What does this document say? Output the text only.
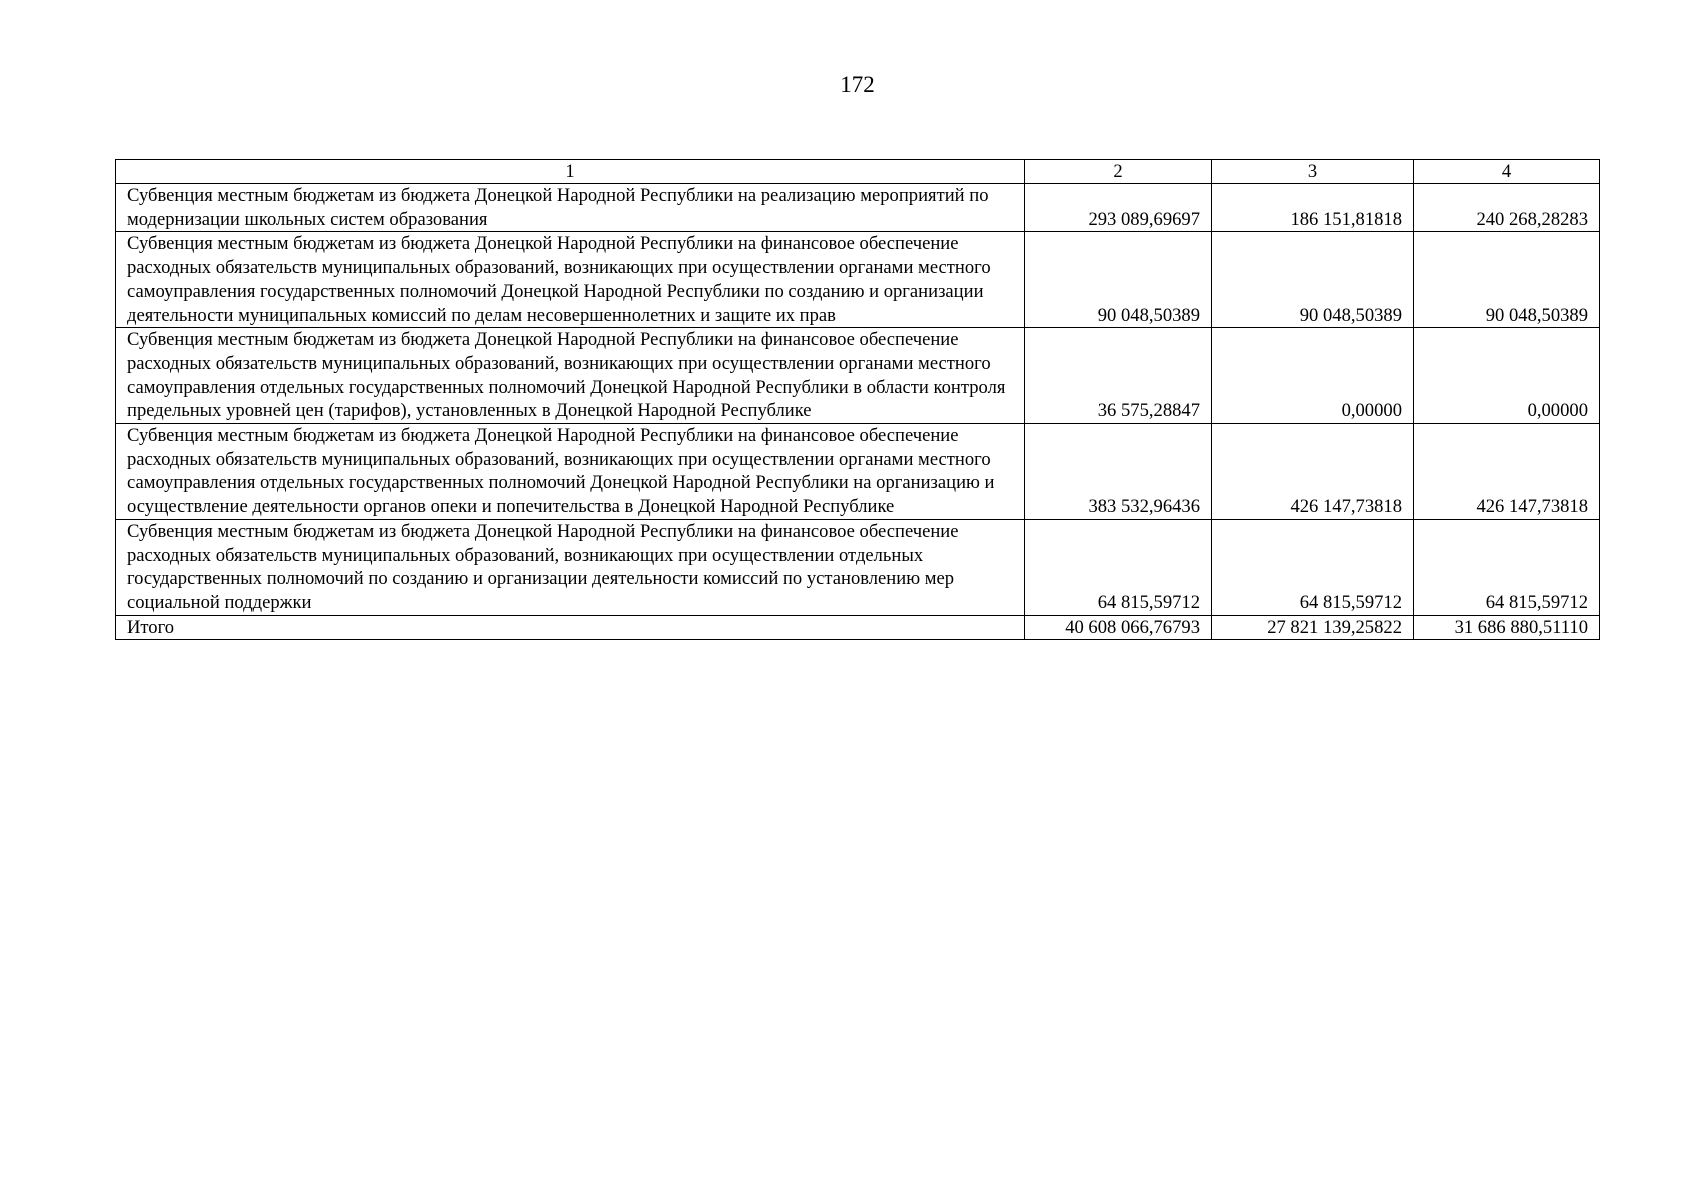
172
1	2	3	4
Субвенция местным бюджетам из бюджета Донецкой Народной Республики на реализацию мероприятий по модернизации школьных систем образования	293 089,69697	186 151,81818	240 268,28283
Субвенция местным бюджетам из бюджета Донецкой Народной Республики на финансовое обеспечение расходных обязательств муниципальных образований, возникающих при осуществлении органами местного самоуправления государственных полномочий Донецкой Народной Республики по созданию и организации деятельности муниципальных комиссий по делам несовершеннолетних и защите их прав	90 048,50389	90 048,50389	90 048,50389
Субвенция местным бюджетам из бюджета Донецкой Народной Республики на финансовое обеспечение расходных обязательств муниципальных образований, возникающих при осуществлении органами местного самоуправления отдельных государственных полномочий Донецкой Народной Республики в области контроля предельных уровней цен (тарифов), установленных в Донецкой Народной Республике	36 575,28847	0,00000	0,00000
Субвенция местным бюджетам из бюджета Донецкой Народной Республики на финансовое обеспечение расходных обязательств муниципальных образований, возникающих при осуществлении органами местного самоуправления отдельных государственных полномочий Донецкой Народной Республики на организацию и осуществление деятельности органов опеки и попечительства в Донецкой Народной Республике	383 532,96436	426 147,73818	426 147,73818
Субвенция местным бюджетам из бюджета Донецкой Народной Республики на финансовое обеспечение расходных обязательств муниципальных образований, возникающих при осуществлении отдельных государственных полномочий по созданию и организации деятельности комиссий по установлению мер социальной поддержки	64 815,59712	64 815,59712	64 815,59712
Итого	40 608 066,76793	27 821 139,25822	31 686 880,51110
